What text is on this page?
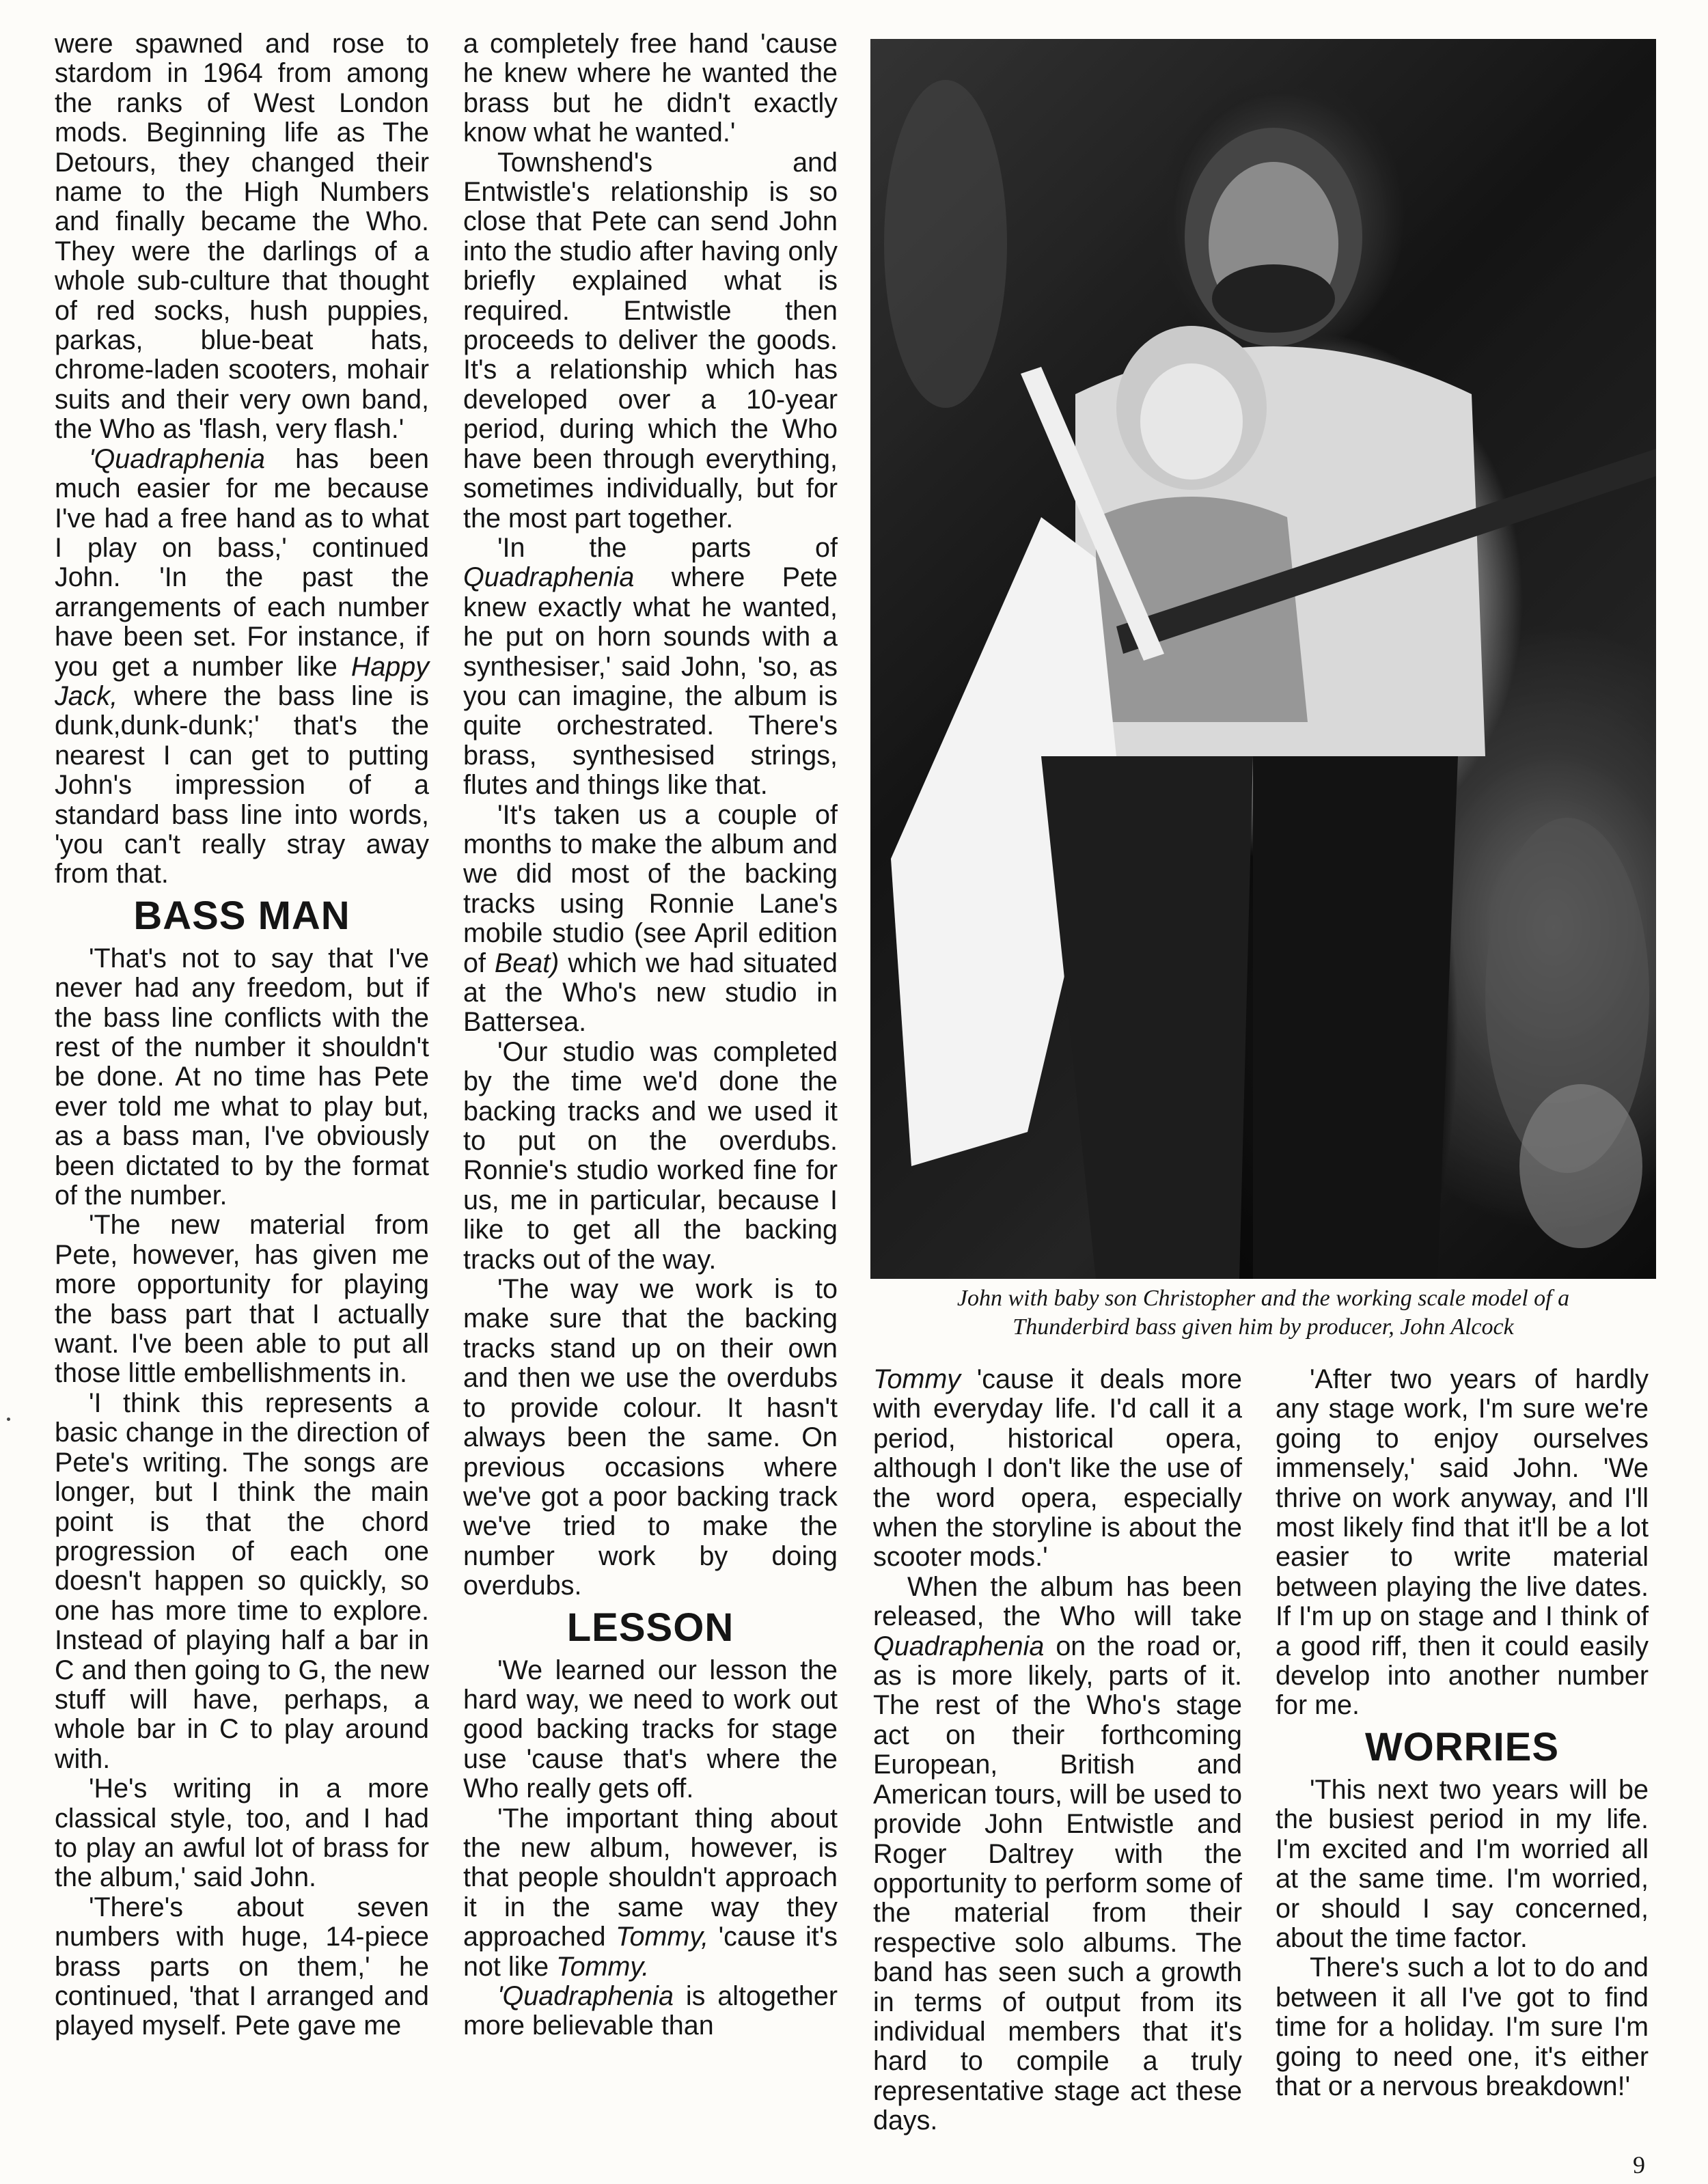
were spawned and rose to stardom in 1964 from among the ranks of West London mods. Beginning life as The Detours, they changed their name to the High Numbers and finally became the Who. They were the darlings of a whole sub-culture that thought of red socks, hush puppies, parkas, blue-beat hats, chrome-laden scooters, mohair suits and their very own band, the Who as 'flash, very flash.'

'Quadraphenia has been much easier for me because I've had a free hand as to what I play on bass,' continued John. 'In the past the arrangements of each number have been set. For instance, if you get a number like Happy Jack, where the bass line is dunk,dunk-dunk;' that's the nearest I can get to putting John's impression of a standard bass line into words, 'you can't really stray away from that.

BASS MAN

'That's not to say that I've never had any freedom, but if the bass line conflicts with the rest of the number it shouldn't be done. At no time has Pete ever told me what to play but, as a bass man, I've obviously been dictated to by the format of the number.

'The new material from Pete, however, has given me more opportunity for playing the bass part that I actually want. I've been able to put all those little embellishments in.

'I think this represents a basic change in the direction of Pete's writing. The songs are longer, but I think the main point is that the chord progression of each one doesn't happen so quickly, so one has more time to explore. Instead of playing half a bar in C and then going to G, the new stuff will have, perhaps, a whole bar in C to play around with.

'He's writing in a more classical style, too, and I had to play an awful lot of brass for the album,' said John.

'There's about seven numbers with huge, 14-piece brass parts on them,' he continued, 'that I arranged and played myself. Pete gave me

a completely free hand 'cause he knew where he wanted the brass but he didn't exactly know what he wanted.'

Townshend's and Entwistle's relationship is so close that Pete can send John into the studio after having only briefly explained what is required. Entwistle then proceeds to deliver the goods. It's a relationship which has developed over a 10-year period, during which the Who have been through everything, sometimes individually, but for the most part together.

'In the parts of Quadraphenia where Pete knew exactly what he wanted, he put on horn sounds with a synthesiser,' said John, 'so, as you can imagine, the album is quite orchestrated. There's brass, synthesised strings, flutes and things like that.

'It's taken us a couple of months to make the album and we did most of the backing tracks using Ronnie Lane's mobile studio (see April edition of Beat) which we had situated at the Who's new studio in Battersea.

'Our studio was completed by the time we'd done the backing tracks and we used it to put on the overdubs. Ronnie's studio worked fine for us, me in particular, because I like to get all the backing tracks out of the way.

'The way we work is to make sure that the backing tracks stand up on their own and then we use the overdubs to provide colour. It hasn't always been the same. On previous occasions where we've got a poor backing track we've tried to make the number work by doing overdubs.

LESSON

'We learned our lesson the hard way, we need to work out good backing tracks for stage use 'cause that's where the Who really gets off.

'The important thing about the new album, however, is that people shouldn't approach it in the same way they approached Tommy, 'cause it's not like Tommy.

'Quadraphenia is altogether more believable than

John with baby son Christopher and the working scale model of a
Thunderbird bass given him by producer, John Alcock

Tommy 'cause it deals more with everyday life. I'd call it a period, historical opera, although I don't like the use of the word opera, especially when the storyline is about the scooter mods.'

When the album has been released, the Who will take Quadraphenia on the road or, as is more likely, parts of it. The rest of the Who's stage act on their forthcoming European, British and American tours, will be used to provide John Entwistle and Roger Daltrey with the opportunity to perform some of the material from their respective solo albums. The band has seen such a growth in terms of output from its individual members that it's hard to compile a truly representative stage act these days.

'After two years of hardly any stage work, I'm sure we're going to enjoy ourselves immensely,' said John. 'We thrive on work anyway, and I'll most likely find that it'll be a lot easier to write material between playing the live dates. If I'm up on stage and I think of a good riff, then it could easily develop into another number for me.

WORRIES

'This next two years will be the busiest period in my life. I'm excited and I'm worried all at the same time. I'm worried, or should I say concerned, about the time factor.

There's such a lot to do and between it all I've got to find time for a holiday. I'm sure I'm going to need one, it's either that or a nervous breakdown!'

9
